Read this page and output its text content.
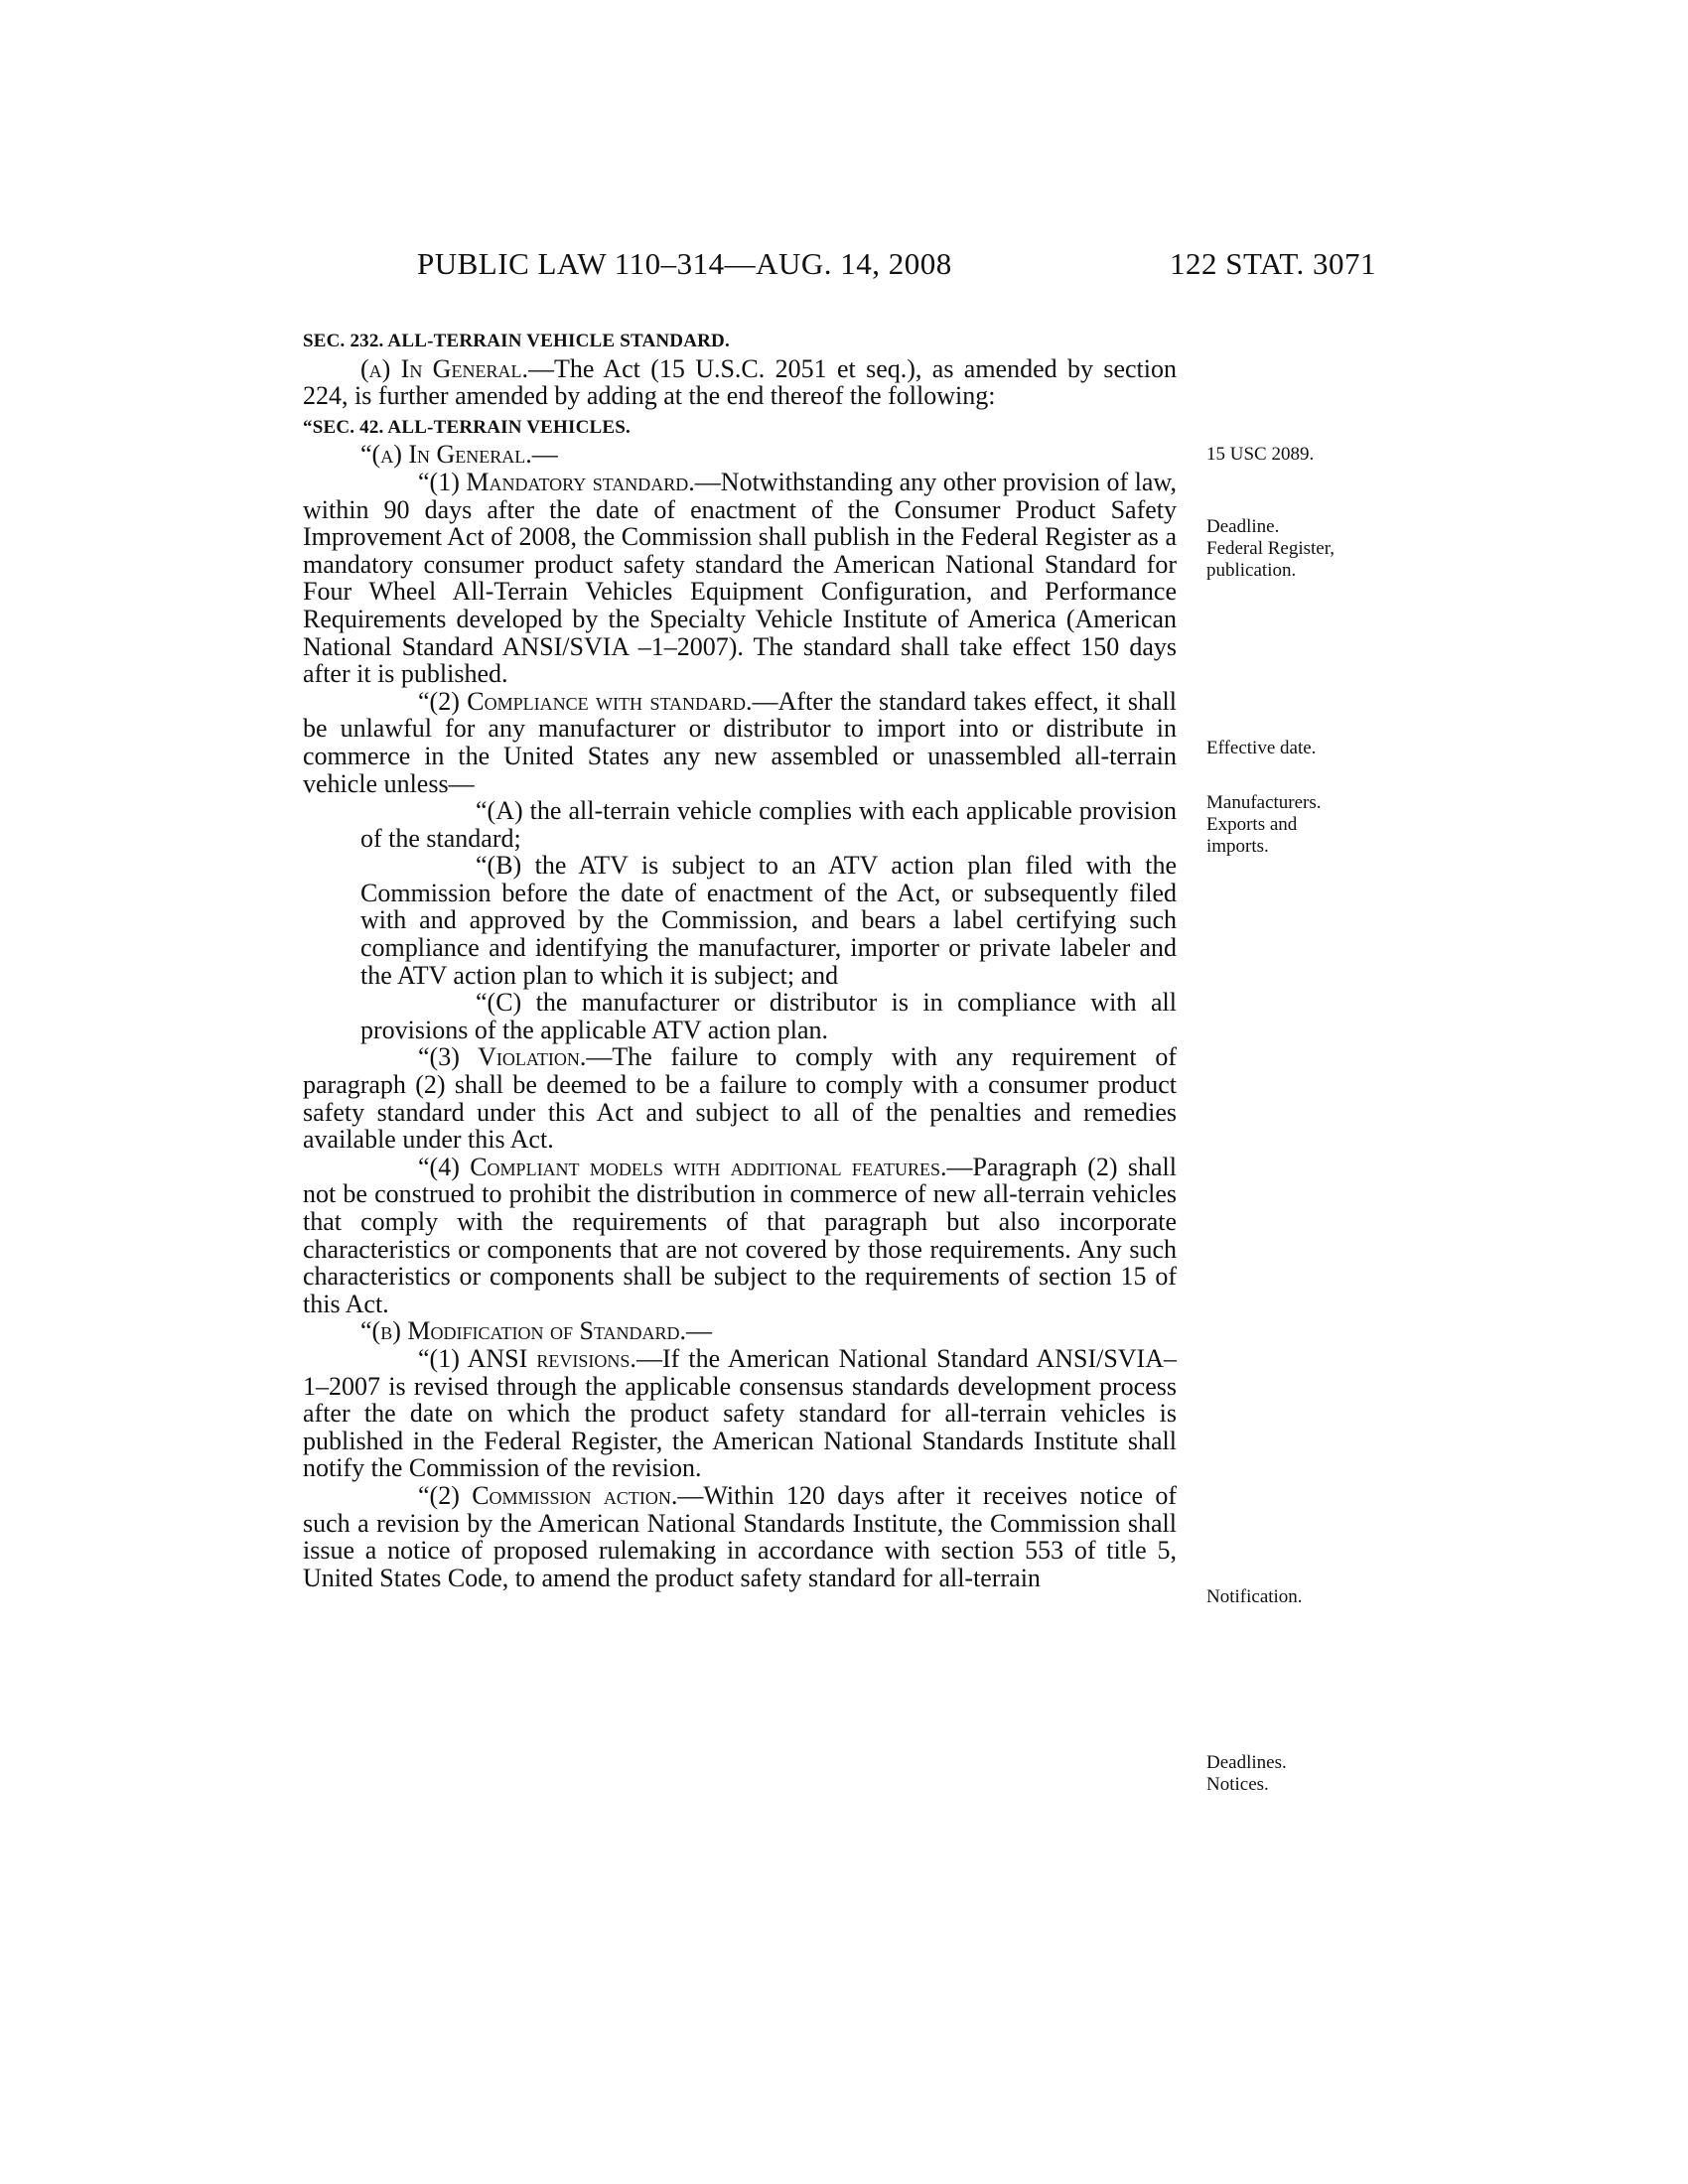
PUBLIC LAW 110–314—AUG. 14, 2008	122 STAT. 3071
SEC. 232. ALL-TERRAIN VEHICLE STANDARD.

(a) In General.—The Act (15 U.S.C. 2051 et seq.), as amended by section 224, is further amended by adding at the end thereof the following:

“SEC. 42. ALL-TERRAIN VEHICLES.

“(a) In General.—

“(1) Mandatory standard.—Notwithstanding any other provision of law, within 90 days after the date of enactment of the Consumer Product Safety Improvement Act of 2008, the Commission shall publish in the Federal Register as a mandatory consumer product safety standard the American National Standard for Four Wheel All-Terrain Vehicles Equipment Configuration, and Performance Requirements developed by the Specialty Vehicle Institute of America (American National Standard ANSI/SVIA –1–2007). The standard shall take effect 150 days after it is published.

“(2) Compliance with standard.—After the standard takes effect, it shall be unlawful for any manufacturer or distributor to import into or distribute in commerce in the United States any new assembled or unassembled all-terrain vehicle unless—

“(A) the all-terrain vehicle complies with each applicable provision of the standard;

“(B) the ATV is subject to an ATV action plan filed with the Commission before the date of enactment of the Act, or subsequently filed with and approved by the Commission, and bears a label certifying such compliance and identifying the manufacturer, importer or private labeler and the ATV action plan to which it is subject; and

“(C) the manufacturer or distributor is in compliance with all provisions of the applicable ATV action plan.

“(3) Violation.—The failure to comply with any requirement of paragraph (2) shall be deemed to be a failure to comply with a consumer product safety standard under this Act and subject to all of the penalties and remedies available under this Act.

“(4) Compliant models with additional features.—Paragraph (2) shall not be construed to prohibit the distribution in commerce of new all-terrain vehicles that comply with the requirements of that paragraph but also incorporate characteristics or components that are not covered by those requirements. Any such characteristics or components shall be subject to the requirements of section 15 of this Act.

“(b) Modification of Standard.—

“(1) ANSI revisions.—If the American National Standard ANSI/SVIA–1–2007 is revised through the applicable consensus standards development process after the date on which the product safety standard for all-terrain vehicles is published in the Federal Register, the American National Standards Institute shall notify the Commission of the revision.

“(2) Commission action.—Within 120 days after it receives notice of such a revision by the American National Standards Institute, the Commission shall issue a notice of proposed rulemaking in accordance with section 553 of title 5, United States Code, to amend the product safety standard for all-terrain

15 USC 2089.
Deadline.
Federal Register,
publication.
Effective date.
Manufacturers.
Exports and
imports.
Notification.
Deadlines.
Notices.
